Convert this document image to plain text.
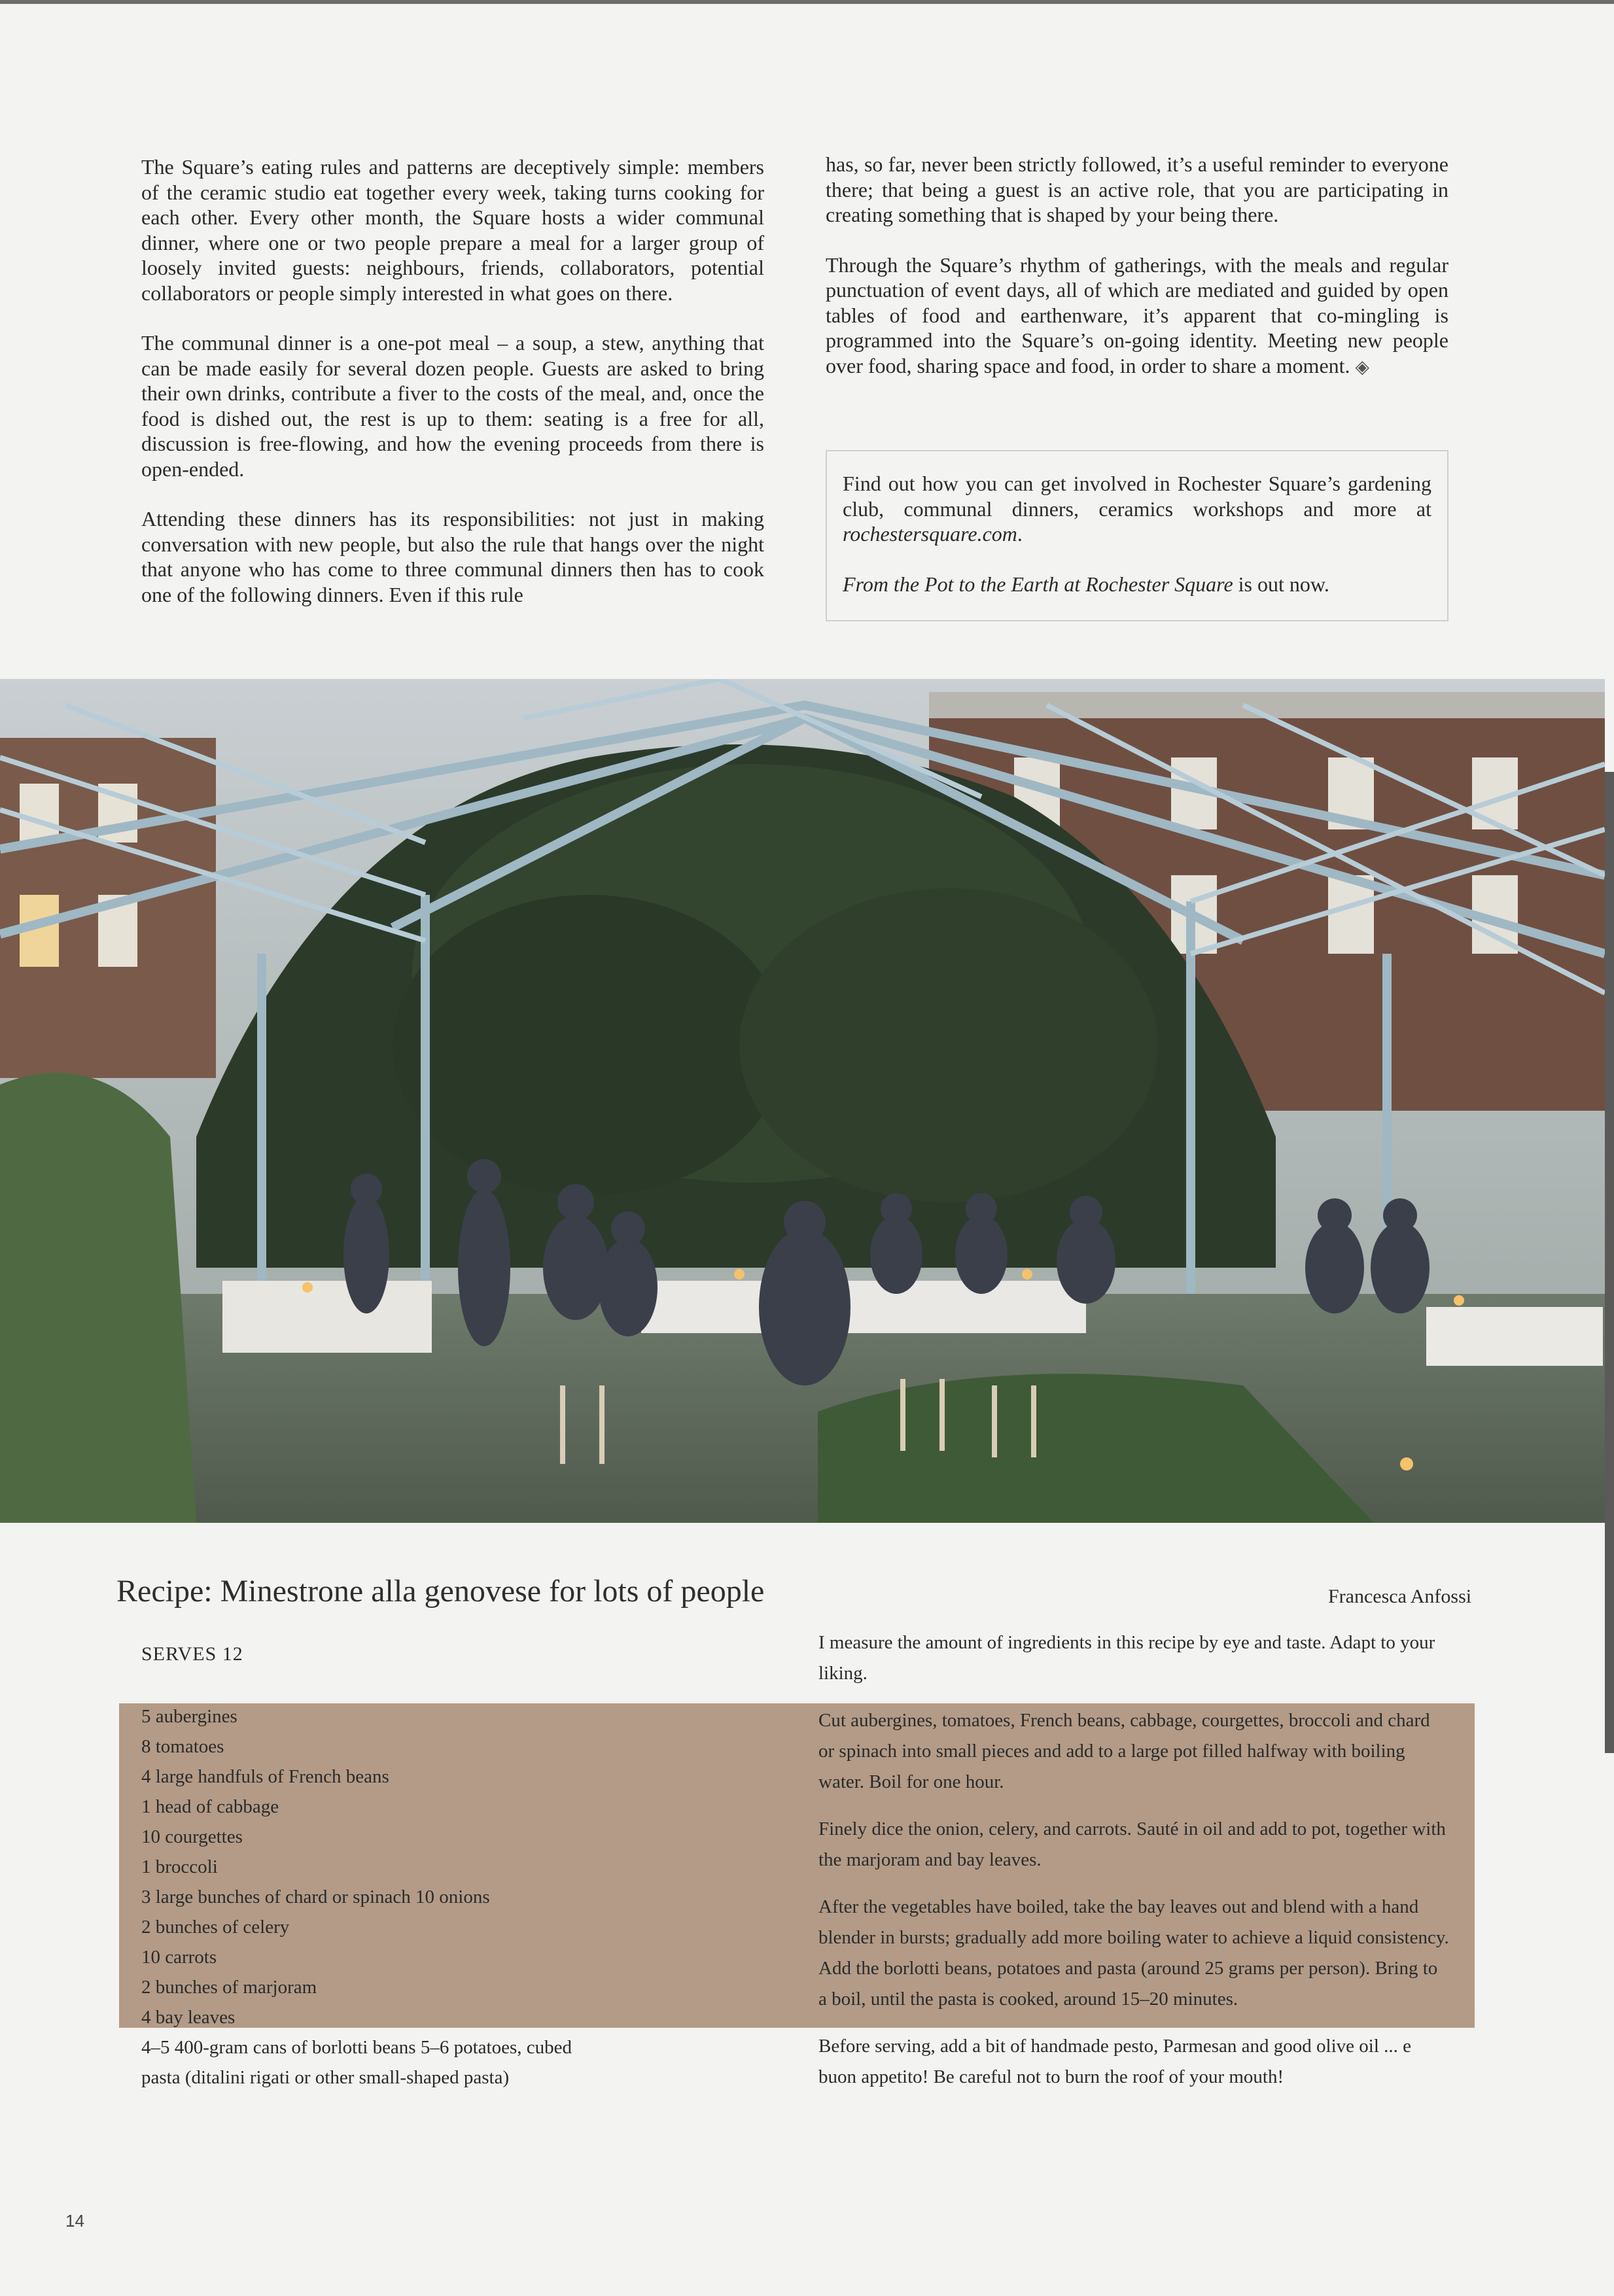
The Square’s eating rules and patterns are deceptively simple: members of the ceramic studio eat together every week, taking turns cooking for each other. Every other month, the Square hosts a wider communal dinner, where one or two people prepare a meal for a larger group of loosely invited guests: neighbours, friends, collaborators, potential collaborators or people simply interested in what goes on there.

The communal dinner is a one-pot meal – a soup, a stew, anything that can be made easily for several dozen people. Guests are asked to bring their own drinks, contribute a fiver to the costs of the meal, and, once the food is dished out, the rest is up to them: seating is a free for all, discussion is free-flowing, and how the evening proceeds from there is open-ended.

Attending these dinners has its responsibilities: not just in making conversation with new people, but also the rule that hangs over the night that anyone who has come to three communal dinners then has to cook one of the following dinners. Even if this rule

has, so far, never been strictly followed, it’s a useful reminder to everyone there; that being a guest is an active role, that you are participating in creating something that is shaped by your being there.

Through the Square’s rhythm of gatherings, with the meals and regular punctuation of event days, all of which are mediated and guided by open tables of food and earthenware, it’s apparent that co-mingling is programmed into the Square’s on-going identity. Meeting new people over food, sharing space and food, in order to share a moment. ◈

Find out how you can get involved in Rochester Square’s gardening club, communal dinners, ceramics workshops and more at rochestersquare.com.

From the Pot to the Earth at Rochester Square is out now.

Recipe: Minestrone alla genovese for lots of people	Francesca Anfossi
SERVES 12
5 aubergines
8 tomatoes
4 large handfuls of French beans
1 head of cabbage
10 courgettes
1 broccoli
3 large bunches of chard or spinach 10 onions
2 bunches of celery
10 carrots
2 bunches of marjoram
4 bay leaves
4–5 400-gram cans of borlotti beans 5–6 potatoes, cubed
pasta (ditalini rigati or other small-shaped pasta)

I measure the amount of ingredients in this recipe by eye and taste. Adapt to your liking.

Cut aubergines, tomatoes, French beans, cabbage, courgettes, broccoli and chard or spinach into small pieces and add to a large pot filled halfway with boiling water. Boil for one hour.

Finely dice the onion, celery, and carrots. Sauté in oil and add to pot, together with the marjoram and bay leaves.

After the vegetables have boiled, take the bay leaves out and blend with a hand blender in bursts; gradually add more boiling water to achieve a liquid consistency. Add the borlotti beans, potatoes and pasta (around 25 grams per person). Bring to a boil, until the pasta is cooked, around 15–20 minutes.

Before serving, add a bit of handmade pesto, Parmesan and good olive oil ... e buon appetito! Be careful not to burn the roof of your mouth!

14
